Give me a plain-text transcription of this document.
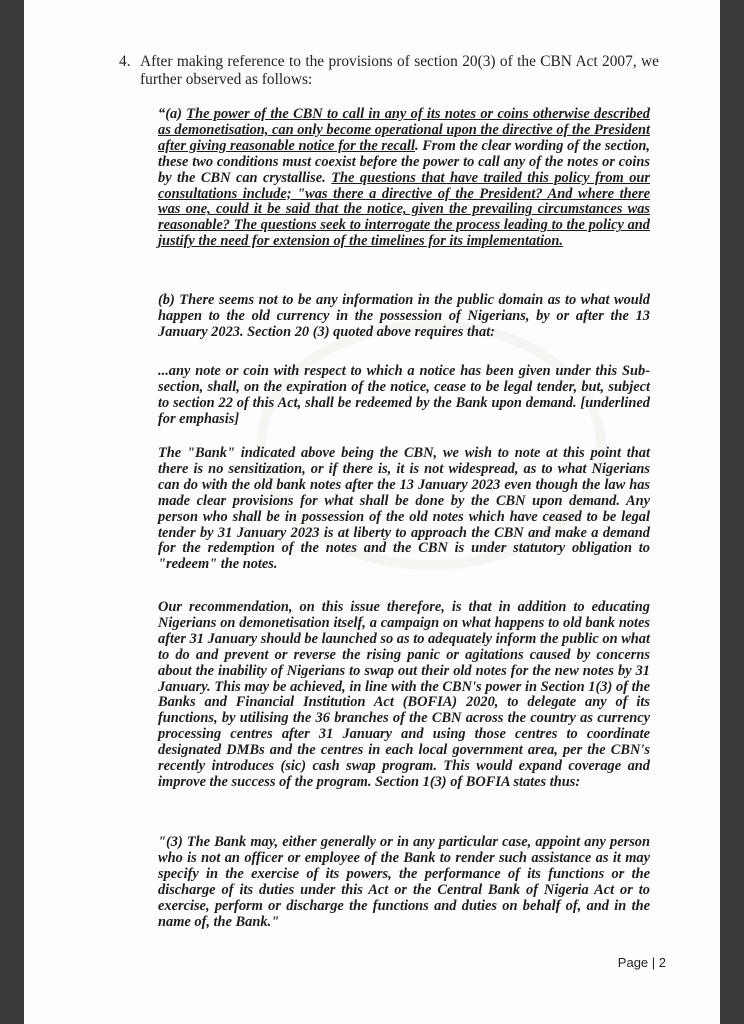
4. After making reference to the provisions of section 20(3) of the CBN Act 2007, we further observed as follows:
“(a) The power of the CBN to call in any of its notes or coins otherwise described as demonetisation, can only become operational upon the directive of the President after giving reasonable notice for the recall. From the clear wording of the section, these two conditions must coexist before the power to call any of the notes or coins by the CBN can crystallise. The questions that have trailed this policy from our consultations include; "was there a directive of the President? And where there was one, could it be said that the notice, given the prevailing circumstances was reasonable? The questions seek to interrogate the process leading to the policy and justify the need for extension of the timelines for its implementation.
(b) There seems not to be any information in the public domain as to what would happen to the old currency in the possession of Nigerians, by or after the 13 January 2023. Section 20 (3) quoted above requires that:
...any note or coin with respect to which a notice has been given under this Sub-section, shall, on the expiration of the notice, cease to be legal tender, but, subject to section 22 of this Act, shall be redeemed by the Bank upon demand. [underlined for emphasis]
The "Bank" indicated above being the CBN, we wish to note at this point that there is no sensitization, or if there is, it is not widespread, as to what Nigerians can do with the old bank notes after the 13 January 2023 even though the law has made clear provisions for what shall be done by the CBN upon demand. Any person who shall be in possession of the old notes which have ceased to be legal tender by 31 January 2023 is at liberty to approach the CBN and make a demand for the redemption of the notes and the CBN is under statutory obligation to "redeem" the notes.
Our recommendation, on this issue therefore, is that in addition to educating Nigerians on demonetisation itself, a campaign on what happens to old bank notes after 31 January should be launched so as to adequately inform the public on what to do and prevent or reverse the rising panic or agitations caused by concerns about the inability of Nigerians to swap out their old notes for the new notes by 31 January. This may be achieved, in line with the CBN's power in Section 1(3) of the Banks and Financial Institution Act (BOFIA) 2020, to delegate any of its functions, by utilising the 36 branches of the CBN across the country as currency processing centres after 31 January and using those centres to coordinate designated DMBs and the centres in each local government area, per the CBN's recently introduces (sic) cash swap program. This would expand coverage and improve the success of the program. Section 1(3) of BOFIA states thus:
"(3) The Bank may, either generally or in any particular case, appoint any person who is not an officer or employee of the Bank to render such assistance as it may specify in the exercise of its powers, the performance of its functions or the discharge of its duties under this Act or the Central Bank of Nigeria Act or to exercise, perform or discharge the functions and duties on behalf of, and in the name of, the Bank."
Page | 2
